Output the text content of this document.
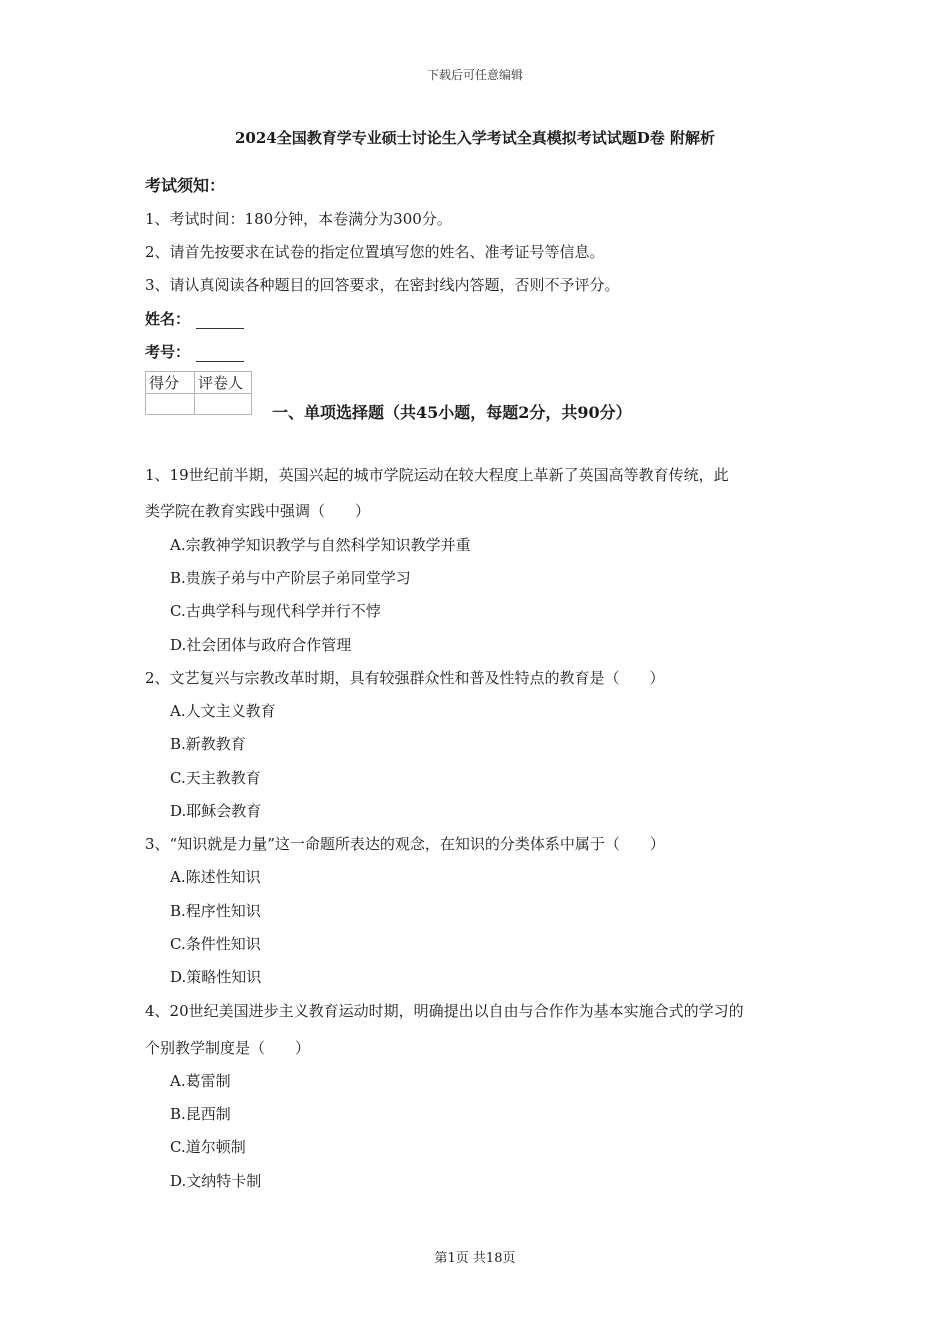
下载后可任意编辑
2024全国教育学专业硕士讨论生入学考试全真模拟考试试题D卷 附解析
考试须知：
1、考试时间：180分钟，本卷满分为300分。
2、请首先按要求在试卷的指定位置填写您的姓名、准考证号等信息。
3、请认真阅读各种题目的回答要求，在密封线内答题，否则不予评分。
姓名：
考号：
得分	评卷人

一、单项选择题（共45小题，每题2分，共90分）
1、19世纪前半期，英国兴起的城市学院运动在较大程度上革新了英国高等教育传统，此
类学院在教育实践中强调（　　）
A.宗教神学知识教学与自然科学知识教学并重
B.贵族子弟与中产阶层子弟同堂学习
C.古典学科与现代科学并行不悖
D.社会团体与政府合作管理
2、文艺复兴与宗教改革时期，具有较强群众性和普及性特点的教育是（　　）
A.人文主义教育
B.新教教育
C.天主教教育
D.耶稣会教育
3、“知识就是力量”这一命题所表达的观念，在知识的分类体系中属于（　　）
A.陈述性知识
B.程序性知识
C.条件性知识
D.策略性知识
4、20世纪美国进步主义教育运动时期，明确提出以自由与合作作为基本实施合式的学习的
个别教学制度是（　　）
A.葛雷制
B.昆西制
C.道尔顿制
D.文纳特卡制
第1页 共18页
